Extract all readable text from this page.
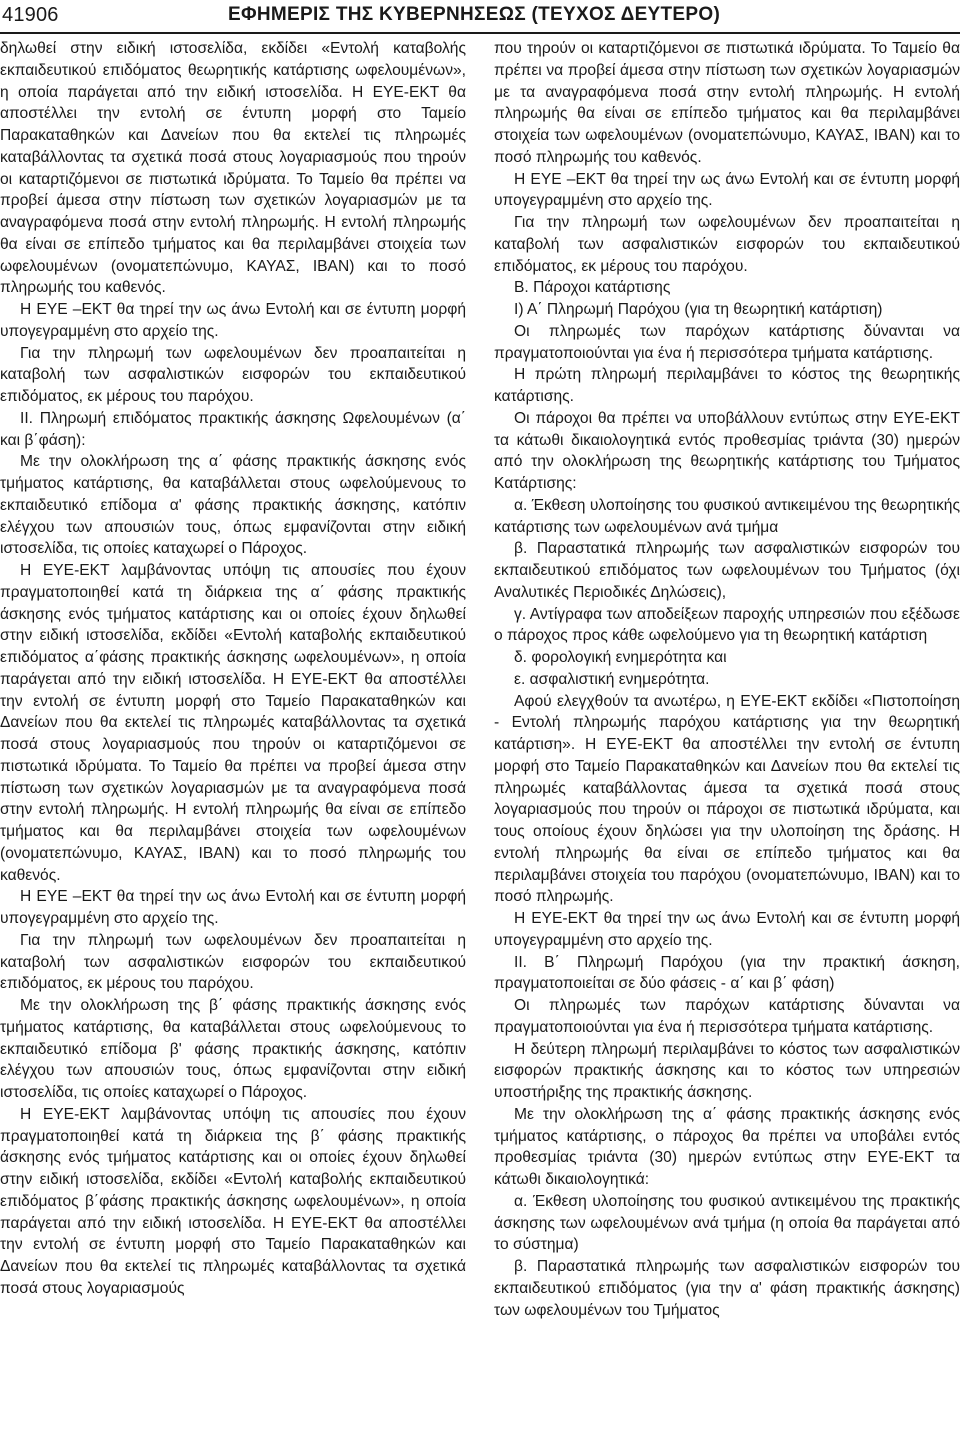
41906	ΕΦΗΜΕΡΙΣ ΤΗΣ ΚΥΒΕΡΝΗΣΕΩΣ (ΤΕΥΧΟΣ ΔΕΥΤΕΡΟ)

δηλωθεί στην ειδική ιστοσελίδα, εκδίδει «Εντολή καταβολής εκπαιδευτικού επιδόματος θεωρητικής κατάρτισης ωφελουμένων», η οποία παράγεται από την ειδική ιστοσελίδα. Η ΕΥΕ-ΕΚΤ θα αποστέλλει την εντολή σε έντυπη μορφή στο Ταμείο Παρακαταθηκών και Δανείων που θα εκτελεί τις πληρωμές καταβάλλοντας τα σχετικά ποσά στους λογαριασμούς που τηρούν οι καταρτιζόμενοι σε πιστωτικά ιδρύματα. Το Ταμείο θα πρέπει να προβεί άμεσα στην πίστωση των σχετικών λογαριασμών με τα αναγραφόμενα ποσά στην εντολή πληρωμής. Η εντολή πληρωμής θα είναι σε επίπεδο τμήματος και θα περιλαμβάνει στοιχεία των ωφελουμένων (ονοματεπώνυμο, ΚΑΥΑΣ, ΙΒΑΝ) και το ποσό πληρωμής του καθενός.

Η ΕΥΕ –ΕΚΤ θα τηρεί την ως άνω Εντολή και σε έντυπη μορφή υπογεγραμμένη στο αρχείο της.

Για την πληρωμή των ωφελουμένων δεν προαπαιτείται η καταβολή των ασφαλιστικών εισφορών του εκπαιδευτικού επιδόματος, εκ μέρους του παρόχου.

ΙΙ. Πληρωμή επιδόματος πρακτικής άσκησης Ωφελουμένων (α΄ και β΄φάση):

Με την ολοκλήρωση της α΄ φάσης πρακτικής άσκησης ενός τμήματος κατάρτισης, θα καταβάλλεται στους ωφελούμενους το εκπαιδευτικό επίδομα α' φάσης πρακτικής άσκησης, κατόπιν ελέγχου των απουσιών τους, όπως εμφανίζονται στην ειδική ιστοσελίδα, τις οποίες καταχωρεί ο Πάροχος.

Η ΕΥΕ-ΕΚΤ λαμβάνοντας υπόψη τις απουσίες που έχουν πραγματοποιηθεί κατά τη διάρκεια της α΄ φάσης πρακτικής άσκησης ενός τμήματος κατάρτισης και οι οποίες έχουν δηλωθεί στην ειδική ιστοσελίδα, εκδίδει «Εντολή καταβολής εκπαιδευτικού επιδόματος α΄φάσης πρακτικής άσκησης ωφελουμένων», η οποία παράγεται από την ειδική ιστοσελίδα. Η ΕΥΕ-ΕΚΤ θα αποστέλλει την εντολή σε έντυπη μορφή στο Ταμείο Παρακαταθηκών και Δανείων που θα εκτελεί τις πληρωμές καταβάλλοντας τα σχετικά ποσά στους λογαριασμούς που τηρούν οι καταρτιζόμενοι σε πιστωτικά ιδρύματα. Το Ταμείο θα πρέπει να προβεί άμεσα στην πίστωση των σχετικών λογαριασμών με τα αναγραφόμενα ποσά στην εντολή πληρωμής. Η εντολή πληρωμής θα είναι σε επίπεδο τμήματος και θα περιλαμβάνει στοιχεία των ωφελουμένων (ονοματεπώνυμο, ΚΑΥΑΣ, ΙΒΑΝ) και το ποσό πληρωμής του καθενός.

Η ΕΥΕ –ΕΚΤ θα τηρεί την ως άνω Εντολή και σε έντυπη μορφή υπογεγραμμένη στο αρχείο της.

Για την πληρωμή των ωφελουμένων δεν προαπαιτείται η καταβολή των ασφαλιστικών εισφορών του εκπαιδευτικού επιδόματος, εκ μέρους του παρόχου.

Με την ολοκλήρωση της β΄ φάσης πρακτικής άσκησης ενός τμήματος κατάρτισης, θα καταβάλλεται στους ωφελούμενους το εκπαιδευτικό επίδομα β' φάσης πρακτικής άσκησης, κατόπιν ελέγχου των απουσιών τους, όπως εμφανίζονται στην ειδική ιστοσελίδα, τις οποίες καταχωρεί ο Πάροχος.

Η ΕΥΕ-ΕΚΤ λαμβάνοντας υπόψη τις απουσίες που έχουν πραγματοποιηθεί κατά τη διάρκεια της β΄ φάσης πρακτικής άσκησης ενός τμήματος κατάρτισης και οι οποίες έχουν δηλωθεί στην ειδική ιστοσελίδα, εκδίδει «Εντολή καταβολής εκπαιδευτικού επιδόματος β΄φάσης πρακτικής άσκησης ωφελουμένων», η οποία παράγεται από την ειδική ιστοσελίδα. Η ΕΥΕ-ΕΚΤ θα αποστέλλει την εντολή σε έντυπη μορφή στο Ταμείο Παρακαταθηκών και Δανείων που θα εκτελεί τις πληρωμές καταβάλλοντας τα σχετικά ποσά στους λογαριασμούς

που τηρούν οι καταρτιζόμενοι σε πιστωτικά ιδρύματα. Το Ταμείο θα πρέπει να προβεί άμεσα στην πίστωση των σχετικών λογαριασμών με τα αναγραφόμενα ποσά στην εντολή πληρωμής. Η εντολή πληρωμής θα είναι σε επίπεδο τμήματος και θα περιλαμβάνει στοιχεία των ωφελουμένων (ονοματεπώνυμο, ΚΑΥΑΣ, ΙΒΑΝ) και το ποσό πληρωμής του καθενός.

Η ΕΥΕ –ΕΚΤ θα τηρεί την ως άνω Εντολή και σε έντυπη μορφή υπογεγραμμένη στο αρχείο της.

Για την πληρωμή των ωφελουμένων δεν προαπαιτείται η καταβολή των ασφαλιστικών εισφορών του εκπαιδευτικού επιδόματος, εκ μέρους του παρόχου.

Β. Πάροχοι κατάρτισης

Ι) Α΄ Πληρωμή Παρόχου (για τη θεωρητική κατάρτιση)

Οι πληρωμές των παρόχων κατάρτισης δύνανται να πραγματοποιούνται για ένα ή περισσότερα τμήματα κατάρτισης.

Η πρώτη πληρωμή περιλαμβάνει το κόστος της θεωρητικής κατάρτισης.

Οι πάροχοι θα πρέπει να υποβάλλουν εντύπως στην ΕΥΕ-ΕΚΤ τα κάτωθι δικαιολογητικά εντός προθεσμίας τριάντα (30) ημερών από την ολοκλήρωση της θεωρητικής κατάρτισης του Τμήματος Κατάρτισης:

α. Έκθεση υλοποίησης του φυσικού αντικειμένου της θεωρητικής κατάρτισης των ωφελουμένων ανά τμήμα

β. Παραστατικά πληρωμής των ασφαλιστικών εισφορών του εκπαιδευτικού επιδόματος των ωφελουμένων του Τμήματος (όχι Αναλυτικές Περιοδικές Δηλώσεις),

γ. Αντίγραφα των αποδείξεων παροχής υπηρεσιών που εξέδωσε ο πάροχος προς κάθε ωφελούμενο για τη θεωρητική κατάρτιση

δ. φορολογική ενημερότητα και

ε. ασφαλιστική ενημερότητα.

Αφού ελεγχθούν τα ανωτέρω, η ΕΥΕ-ΕΚΤ εκδίδει «Πιστοποίηση - Εντολή πληρωμής παρόχου κατάρτισης για την θεωρητική κατάρτιση». Η ΕΥΕ-ΕΚΤ θα αποστέλλει την εντολή σε έντυπη μορφή στο Ταμείο Παρακαταθηκών και Δανείων που θα εκτελεί τις πληρωμές καταβάλλοντας άμεσα τα σχετικά ποσά στους λογαριασμούς που τηρούν οι πάροχοι σε πιστωτικά ιδρύματα, και τους οποίους έχουν δηλώσει για την υλοποίηση της δράσης. Η εντολή πληρωμής θα είναι σε επίπεδο τμήματος και θα περιλαμβάνει στοιχεία του παρόχου (ονοματεπώνυμο, ΙΒΑΝ) και το ποσό πληρωμής.

Η ΕΥΕ-ΕΚΤ θα τηρεί την ως άνω Εντολή και σε έντυπη μορφή υπογεγραμμένη στο αρχείο της.

ΙΙ. Β΄ Πληρωμή Παρόχου (για την πρακτική άσκηση, πραγματοποιείται σε δύο φάσεις - α΄ και β΄ φάση)

Οι πληρωμές των παρόχων κατάρτισης δύνανται να πραγματοποιούνται για ένα ή περισσότερα τμήματα κατάρτισης.

Η δεύτερη πληρωμή περιλαμβάνει το κόστος των ασφαλιστικών εισφορών πρακτικής άσκησης και το κόστος των υπηρεσιών υποστήριξης της πρακτικής άσκησης.

Με την ολοκλήρωση της α΄ φάσης πρακτικής άσκησης ενός τμήματος κατάρτισης, ο πάροχος θα πρέπει να υποβάλει εντός προθεσμίας τριάντα (30) ημερών εντύπως στην ΕΥΕ-ΕΚΤ τα κάτωθι δικαιολογητικά:

α. Έκθεση υλοποίησης του φυσικού αντικειμένου της πρακτικής άσκησης των ωφελουμένων ανά τμήμα (η οποία θα παράγεται από το σύστημα)

β. Παραστατικά πληρωμής των ασφαλιστικών εισφορών του εκπαιδευτικού επιδόματος (για την α' φάση πρακτικής άσκησης) των ωφελουμένων του Τμήματος
